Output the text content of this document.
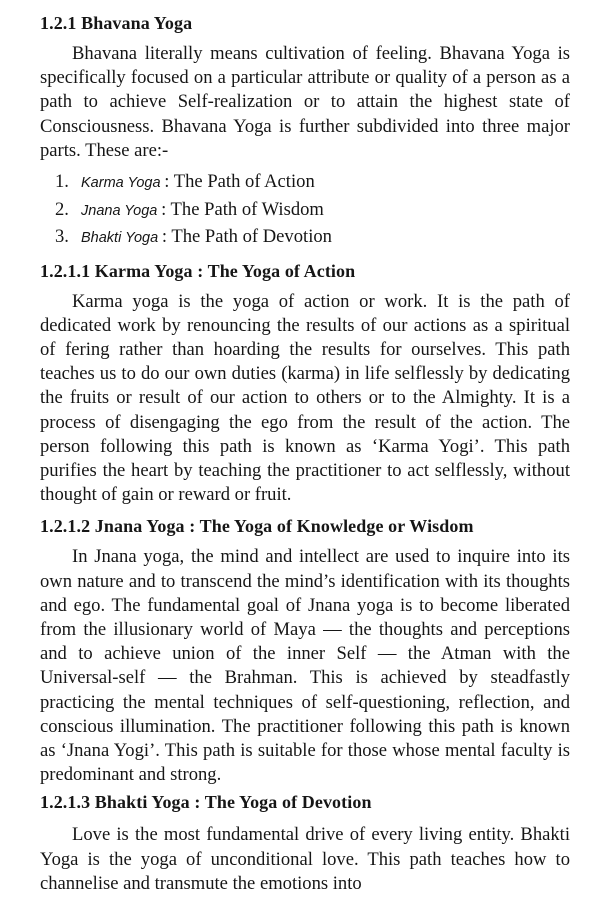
1.2.1 Bhavana Yoga

Bhavana literally means cultivation of feeling. Bhavana Yoga is specifically focused on a particular attribute or quality of a person as a path to achieve Self-realization or to attain the highest state of Consciousness. Bhavana Yoga is further subdivided into three major parts. These are:-

1. Karma Yoga  : The Path of Action
2. Jnana Yoga  : The Path of Wisdom
3. Bhakti Yoga  : The Path of Devotion
1.2.1.1 Karma Yoga : The Yoga of Action

Karma yoga is the yoga of action or work. It is the path of dedicated work by renouncing the results of our actions as a spiritual of fering rather than hoarding the results for ourselves. This path teaches us to do our own duties (karma) in life selflessly by dedicating the fruits or result of our action to others or to the Almighty. It is a process of disengaging the ego from the result of the action. The person following this path is known as ‘Karma Yogi’. This path purifies the heart by teaching the practitioner to act selflessly, without thought of gain or reward or fruit.

1.2.1.2 Jnana Yoga : The Yoga of Knowledge or Wisdom

In Jnana yoga, the mind and intellect are used to inquire into its own nature and to transcend the mind’s identification with its thoughts and ego. The fundamental goal of Jnana yoga is to become liberated from the illusionary world of Maya — the thoughts and perceptions and to achieve union of the inner Self — the Atman with the Universal-self — the Brahman. This is achieved by steadfastly practicing the mental techniques of self-questioning, reflection, and conscious illumination. The practitioner following this path is known as ‘Jnana Yogi’. This path is suitable for those whose mental faculty is predominant and strong.

1.2.1.3 Bhakti Yoga : The Yoga of Devotion

Love is the most fundamental drive of every living entity. Bhakti Yoga is the yoga of unconditional love. This path teaches how to channelise and transmute the emotions into
